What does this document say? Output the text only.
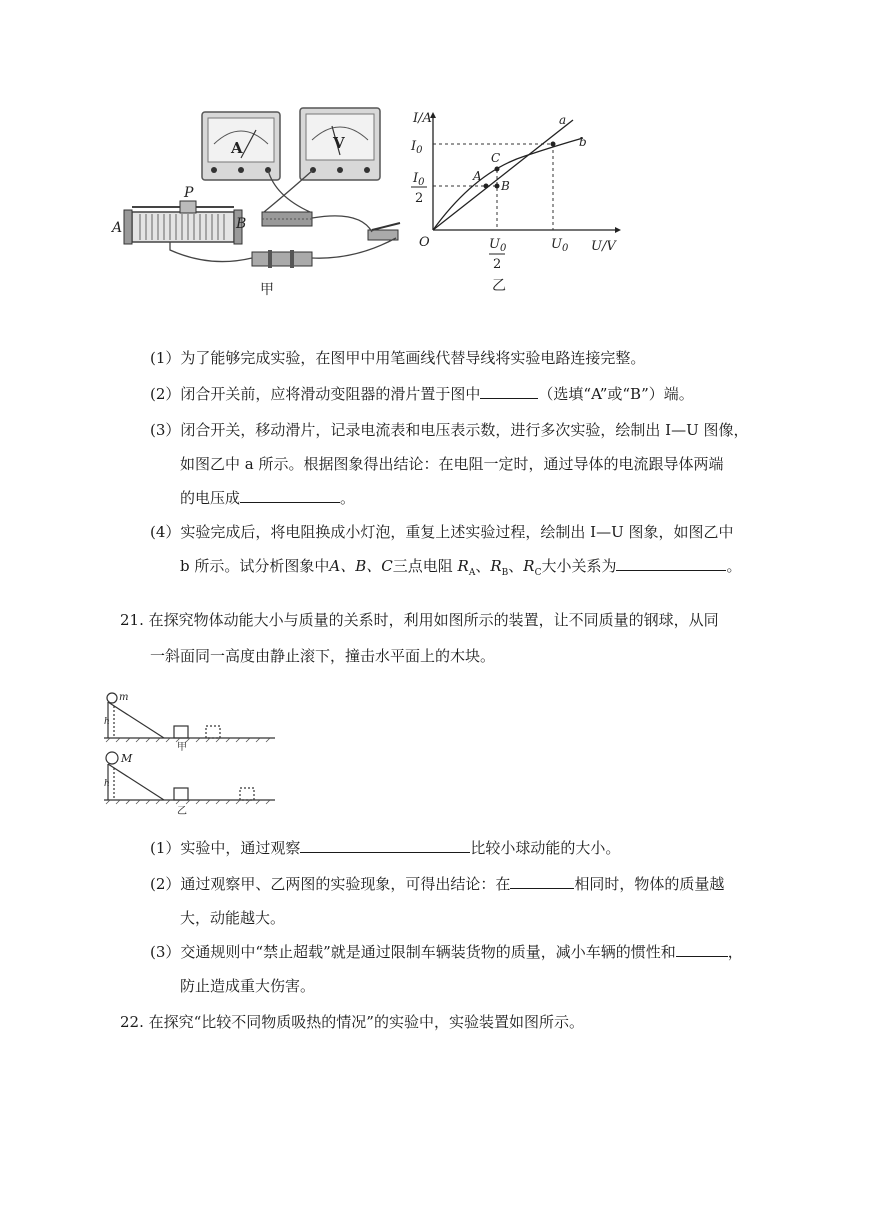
A	V
P
A	B
甲
I/A
U/V
O
$I_0$
$I_0$
2
$U_0$
2
$U_0$
A
B
C
a
b
乙
(1）为了能够完成实验，在图甲中用笔画线代替导线将实验电路连接完整。
(2）闭合开关前，应将滑动变阻器的滑片置于图中	（选填“A”或“B”）端。
(3）闭合开关，移动滑片，记录电流表和电压表示数，进行多次实验，绘制出 I—U 图像，
如图乙中 a 所示。根据图象得出结论：在电阻一定时，通过导体的电流跟导体两端
的电压成	。
(4）实验完成后，将电阻换成小灯泡，重复上述实验过程，绘制出 I—U 图象，如图乙中
b 所示。试分析图象中A、B、C三点电阻 $R_A$、$R_B$、$R_C$大小关系为	。
21. 在探究物体动能大小与质量的关系时，利用如图所示的装置，让不同质量的钢球，从同
一斜面同一高度由静止滚下，撞击水平面上的木块。
m
h
甲
M
h
乙
(1）实验中，通过观察	比较小球动能的大小。
(2）通过观察甲、乙两图的实验现象，可得出结论：在	相同时，物体的质量越
大，动能越大。
(3）交通规则中“禁止超载”就是通过限制车辆装货物的质量，减小车辆的惯性和	，
防止造成重大伤害。
22. 在探究“比较不同物质吸热的情况”的实验中，实验装置如图所示。
